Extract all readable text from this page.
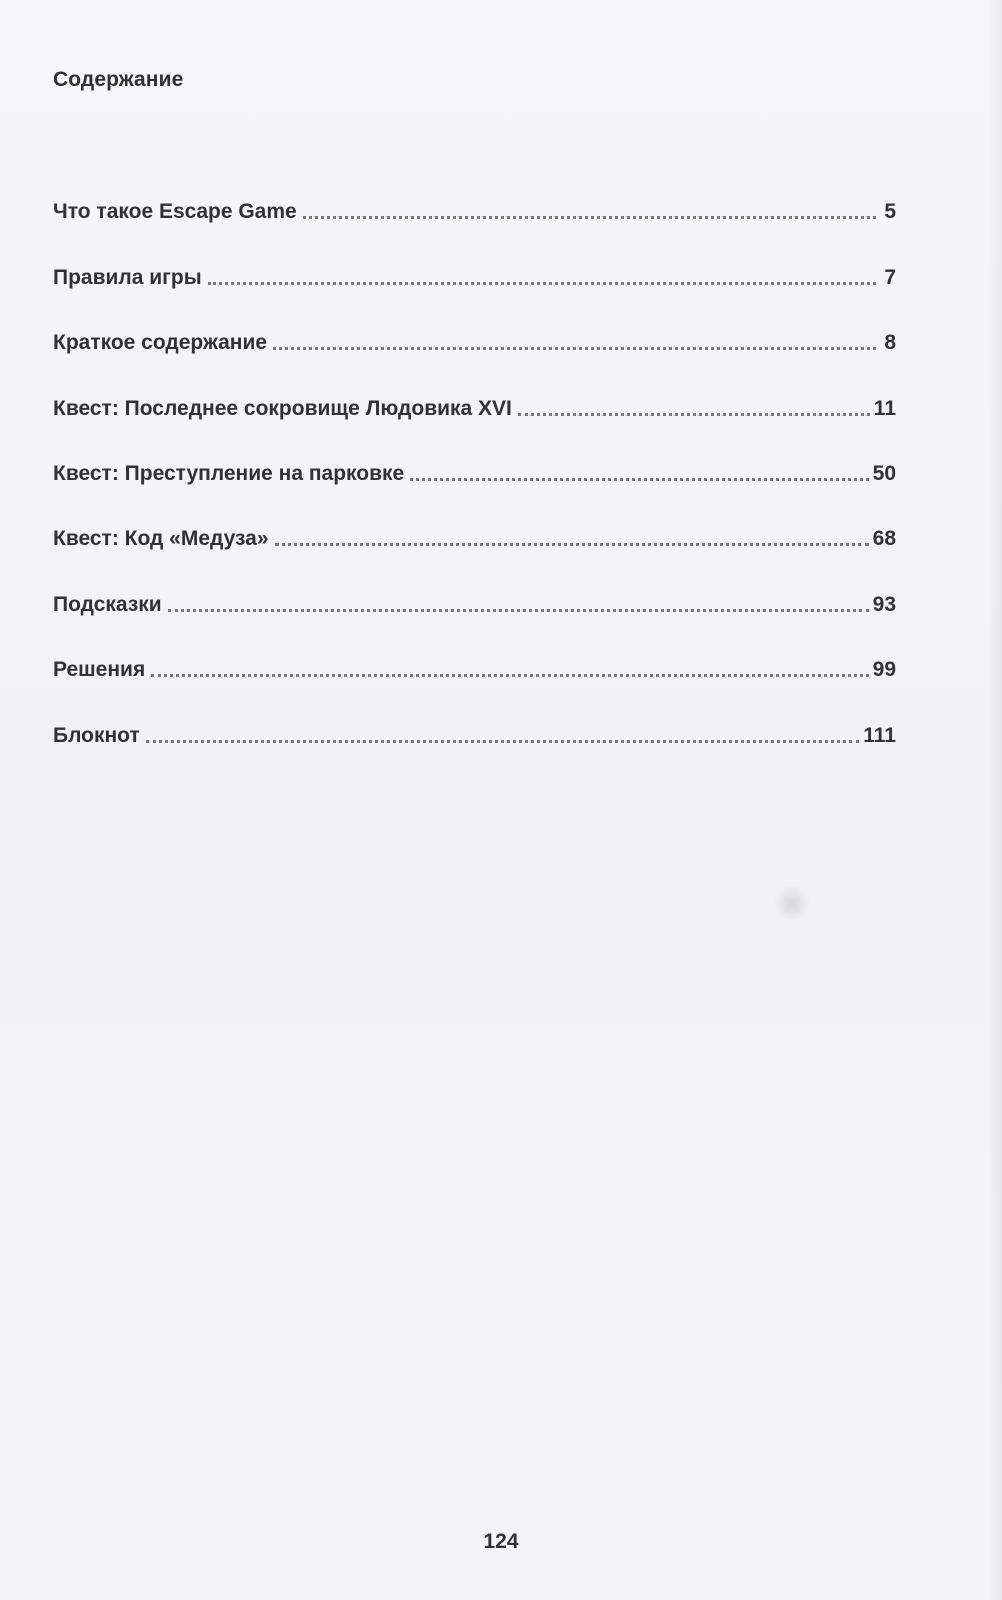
Содержание
Что такое Escape Game	5
Правила игры	7
Краткое содержание	8
Квест: Последнее сокровище Людовика XVI	11
Квест: Преступление на парковке	50
Квест: Код «Медуза»	68
Подсказки	93
Решения	99
Блокнот	111
124
